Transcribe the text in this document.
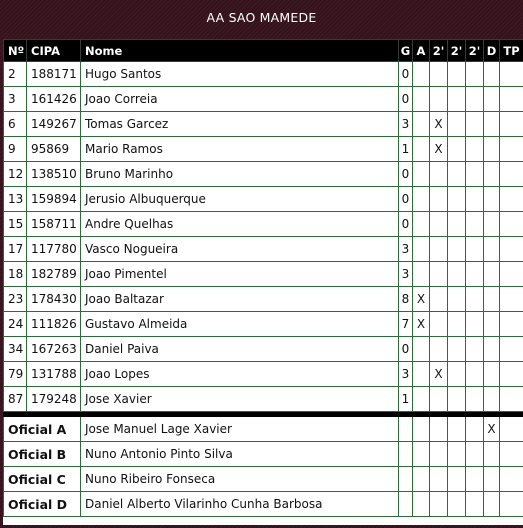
AA SAO MAMEDE
Nº	CIPA	Nome	G	A	2'	2'	2'	D	TP
2	188171	Hugo Santos	0						
3	161426	Joao Correia	0						
6	149267	Tomas Garcez	3		X				
9	95869	Mario Ramos	1		X				
12	138510	Bruno Marinho	0						
13	159894	Jerusio Albuquerque	0						
15	158711	Andre Quelhas	0						
17	117780	Vasco Nogueira	3						
18	182789	Joao Pimentel	3						
23	178430	Joao Baltazar	8	X					
24	111826	Gustavo Almeida	7	X					
34	167263	Daniel Paiva	0						
79	131788	Joao Lopes	3		X				
87	179248	Jose Xavier	1						

Oficial A		Jose Manuel Lage Xavier						X	
Oficial B		Nuno Antonio Pinto Silva							
Oficial C		Nuno Ribeiro Fonseca							
Oficial D		Daniel Alberto Vilarinho Cunha Barbosa							
